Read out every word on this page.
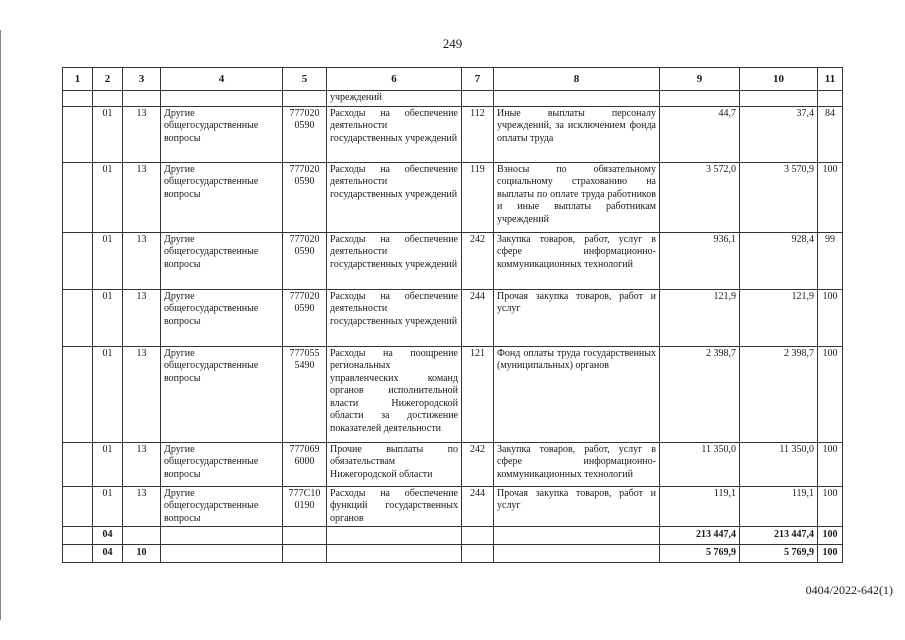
249
1	2	3	4	5	6	7	8	9	10	11
					учреждений					
	01	13	Другие общегосударственные вопросы	777020 0590	Расходы на обеспечение деятельности государственных учреждений	112	Иные выплаты персоналу учреждений, за исключением фонда оплаты труда	44,7	37,4	84
	01	13	Другие общегосударственные вопросы	777020 0590	Расходы на обеспечение деятельности государственных учреждений	119	Взносы по обязательному социальному страхованию на выплаты по оплате труда работников и иные выплаты работникам учреждений	3 572,0	3 570,9	100
	01	13	Другие общегосударственные вопросы	777020 0590	Расходы на обеспечение деятельности государственных учреждений	242	Закупка товаров, работ, услуг в сфере информационно-коммуникационных технологий	936,1	928,4	99
	01	13	Другие общегосударственные вопросы	777020 0590	Расходы на обеспечение деятельности государственных учреждений	244	Прочая закупка товаров, работ и услуг	121,9	121,9	100
	01	13	Другие общегосударственные вопросы	777055 5490	Расходы на поощрение региональных управленческих команд органов исполнительной власти Нижегородской области за достижение показателей деятельности	121	Фонд оплаты труда государственных (муниципальных) органов	2 398,7	2 398,7	100
	01	13	Другие общегосударственные вопросы	777069 6000	Прочие выплаты по обязательствам Нижегородской области	242	Закупка товаров, работ, услуг в сфере информационно-коммуникационных технологий	11 350,0	11 350,0	100
	01	13	Другие общегосударственные вопросы	777С10 0190	Расходы на обеспечение функций государственных органов	244	Прочая закупка товаров, работ и услуг	119,1	119,1	100
	04							213 447,4	213 447,4	100
	04	10						5 769,9	5 769,9	100
0404/2022-642(1)
